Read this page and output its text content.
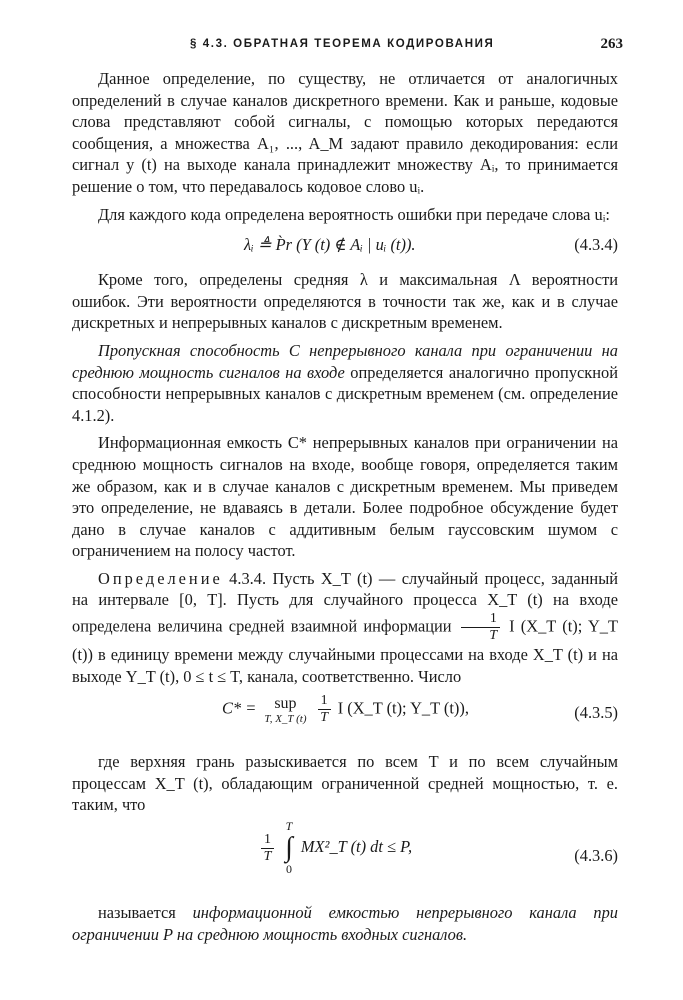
§ 4.3. ОБРАТНАЯ ТЕОРЕМА КОДИРОВАНИЯ	263

Данное определение, по существу, не отличается от аналогичных определений в случае каналов дискретного времени. Как и раньше, кодовые слова представляют собой сигналы, с помощью которых передаются сообщения, а множества A₁, ..., A_M задают правило декодирования: если сигнал y (t) на выходе канала принадлежит множеству Aᵢ, то принимается решение о том, что передавалось кодовое слово uᵢ.

Для каждого кода определена вероятность ошибки при передаче слова uᵢ:

λᵢ ≜ P̀r (Y (t) ∉ Aᵢ | uᵢ (t)).	(4.3.4)

Кроме того, определены средняя λ и максимальная Λ вероятности ошибок. Эти вероятности определяются в точности так же, как и в случае дискретных и непрерывных каналов с дискретным временем.

Пропускная способность C непрерывного канала при ограничении на среднюю мощность сигналов на входе определяется аналогично пропускной способности непрерывных каналов с дискретным временем (см. определение 4.1.2).

Информационная емкость C* непрерывных каналов при ограничении на среднюю мощность сигналов на входе, вообще говоря, определяется таким же образом, как и в случае каналов с дискретным временем. Мы приведем это определение, не вдаваясь в детали. Более подробное обсуждение будет дано в случае каналов с аддитивным белым гауссовским шумом с ограничением на полосу частот.

Определение 4.3.4. Пусть X_T (t) — случайный процесс, заданный на интервале [0, T]. Пусть для случайного процесса X_T (t) на входе определена величина средней взаимной информации $\frac{1}{T}$ I (X_T (t); Y_T (t)) в единицу времени между случайными процессами на входе X_T (t) и на выходе Y_T (t), 0 ≤ t ≤ T, канала, соответственно. Число

C* =	sup
T, X_T (t)
$\frac{1}{T}$ I (X_T (t); Y_T (t)),	(4.3.5)

где верхняя грань разыскивается по всем T и по всем случайным процессам X_T (t), обладающим ограниченной средней мощностью, т. е. таким, что

$\frac{1}{T}$

T
∫
0
MX²_T (t) dt ≤ P,	(4.3.6)

называется информационной емкостью непрерывного канала при ограничении P на среднюю мощность входных сигналов.
